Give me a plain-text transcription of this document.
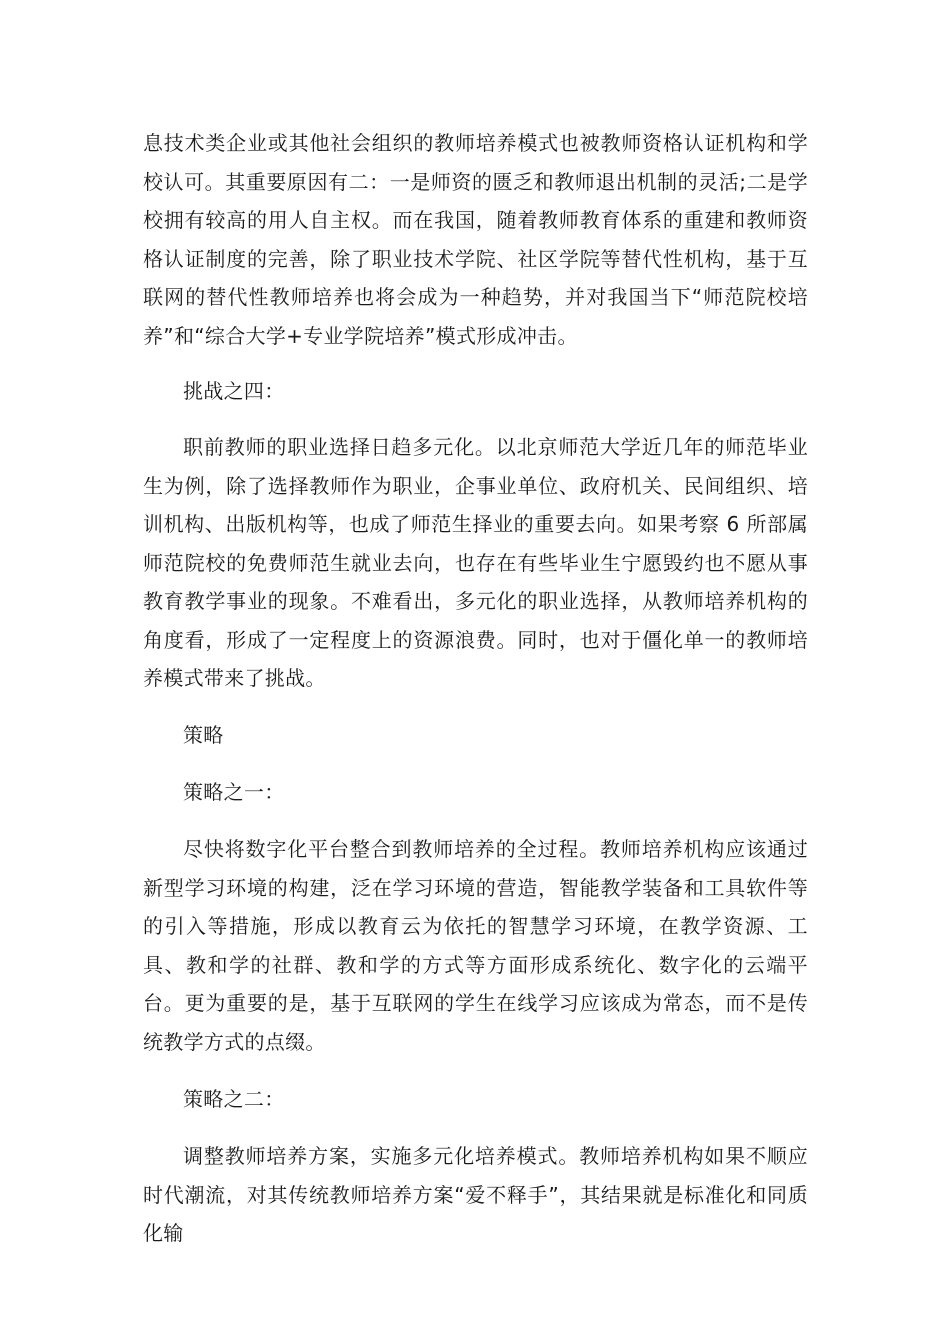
息技术类企业或其他社会组织的教师培养模式也被教师资格认证机构和学校认可。其重要原因有二：一是师资的匮乏和教师退出机制的灵活;二是学校拥有较高的用人自主权。而在我国，随着教师教育体系的重建和教师资格认证制度的完善，除了职业技术学院、社区学院等替代性机构，基于互联网的替代性教师培养也将会成为一种趋势，并对我国当下“师范院校培养”和“综合大学+专业学院培养”模式形成冲击。

挑战之四：

职前教师的职业选择日趋多元化。以北京师范大学近几年的师范毕业生为例，除了选择教师作为职业，企事业单位、政府机关、民间组织、培训机构、出版机构等，也成了师范生择业的重要去向。如果考察 6 所部属师范院校的免费师范生就业去向，也存在有些毕业生宁愿毁约也不愿从事教育教学事业的现象。不难看出，多元化的职业选择，从教师培养机构的角度看，形成了一定程度上的资源浪费。同时，也对于僵化单一的教师培养模式带来了挑战。

策略

策略之一：

尽快将数字化平台整合到教师培养的全过程。教师培养机构应该通过新型学习环境的构建，泛在学习环境的营造，智能教学装备和工具软件等的引入等措施，形成以教育云为依托的智慧学习环境，在教学资源、工具、教和学的社群、教和学的方式等方面形成系统化、数字化的云端平台。更为重要的是，基于互联网的学生在线学习应该成为常态，而不是传统教学方式的点缀。

策略之二：

调整教师培养方案，实施多元化培养模式。教师培养机构如果不顺应时代潮流，对其传统教师培养方案“爱不释手”，其结果就是标准化和同质化输
